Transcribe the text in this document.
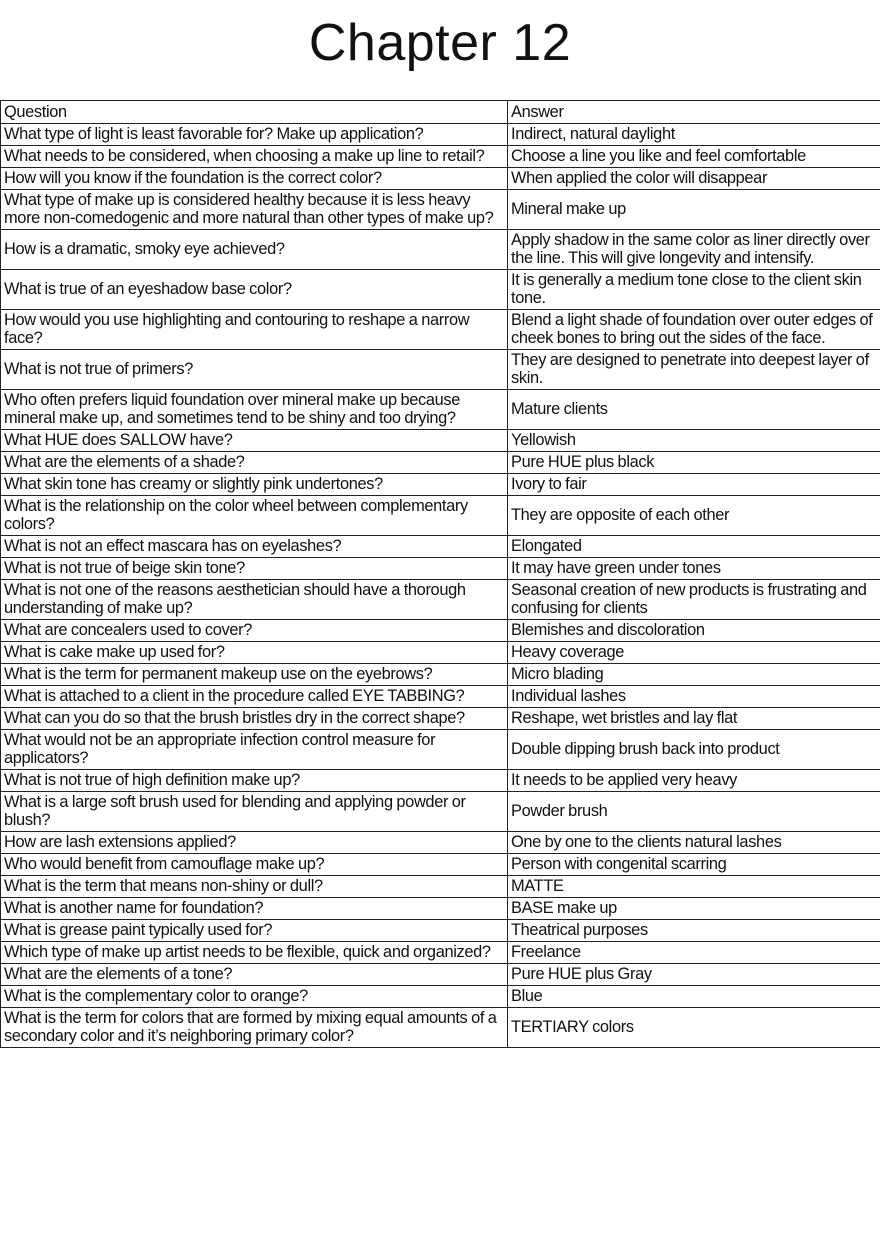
Chapter 12
Question	Answer
What type of light is least favorable for? Make up application?	Indirect, natural daylight
What needs to be considered, when choosing a make up line to retail?	Choose a line you like and feel comfortable
How will you know if the foundation is the correct color?	When applied the color will disappear
What type of make up is considered healthy because it is less heavy more non-comedogenic and more natural than other types of make up?	Mineral make up
How is a dramatic, smoky eye achieved?	Apply shadow in the same color as liner directly over the line. This will give longevity and intensify.
What is true of an eyeshadow base color?	It is generally a medium tone close to the client skin tone.
How would you use highlighting and contouring to reshape a narrow face?	Blend a light shade of foundation over outer edges of cheek bones to bring out the sides of the face.
What is not true of primers?	They are designed to penetrate into deepest layer of skin.
Who often prefers liquid foundation over mineral make up because mineral make up, and sometimes tend to be shiny and too drying?	Mature clients
What HUE does SALLOW have?	Yellowish
What are the elements of a shade?	Pure HUE plus black
What skin tone has creamy or slightly pink undertones?	Ivory to fair
What is the relationship on the color wheel between complementary colors?	They are opposite of each other
What is not an effect mascara has on eyelashes?	Elongated
What is not true of beige skin tone?	It may have green under tones
What is not one of the reasons aesthetician should have a thorough understanding of make up?	Seasonal creation of new products is frustrating and confusing for clients
What are concealers used to cover?	Blemishes and discoloration
What is cake make up used for?	Heavy coverage
What is the term for permanent makeup use on the eyebrows?	Micro blading
What is attached to a client in the procedure called EYE TABBING?	Individual lashes
What can you do so that the brush bristles dry in the correct shape?	Reshape, wet bristles and lay flat
What would not be an appropriate infection control measure for applicators?	Double dipping brush back into product
What is not true of high definition make up?	It needs to be applied very heavy
What is a large soft brush used for blending and applying powder or blush?	Powder brush
How are lash extensions applied?	One by one to the clients natural lashes
Who would benefit from camouflage make up?	Person with congenital scarring
What is the term that means non-shiny or dull?	MATTE
What is another name for foundation?	BASE make up
What is grease paint typically used for?	Theatrical purposes
Which type of make up artist needs to be flexible, quick and organized?	Freelance
What are the elements of a tone?	Pure HUE plus Gray
What is the complementary color to orange?	Blue
What is the term for colors that are formed by mixing equal amounts of a secondary color and it’s neighboring primary color?	TERTIARY colors
